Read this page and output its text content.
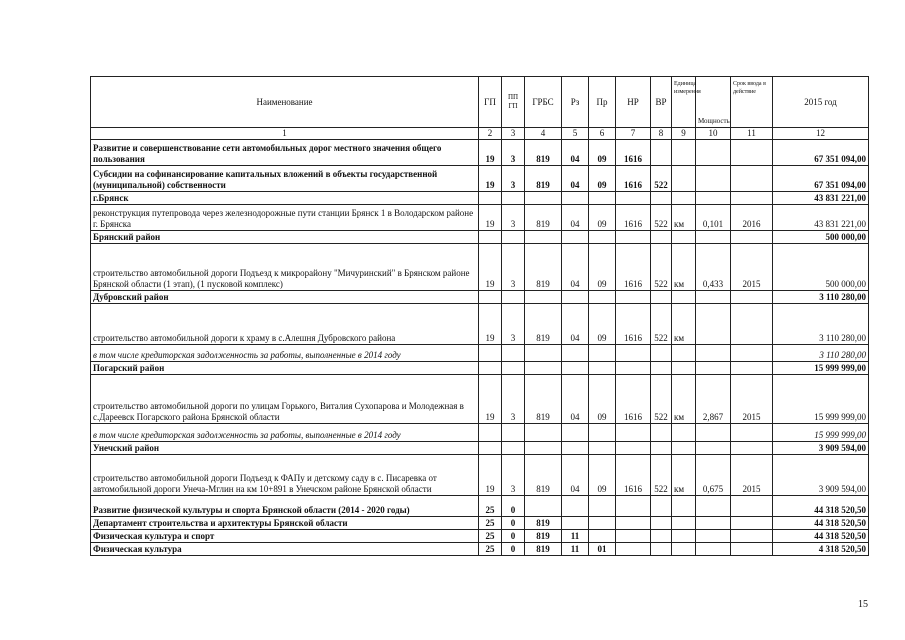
Наименование	ГП	ПП ГП	ГРБС	Рз	Пр	НР	ВР	Единица измерения	Мощность	Срок ввода в действие	2015 год
1	2	3	4	5	6	7	8	9	10	11	12
Развитие и совершенствование сети автомобильных дорог местного значения общего пользования	19	3	819	04	09	1616					67 351 094,00
Субсидии на софинансирование капитальных вложений в объекты государственной (муниципальной) собственности	19	3	819	04	09	1616	522				67 351 094,00
г.Брянск											43 831 221,00
реконструкция путепровода через железнодорожные пути станции Брянск 1 в Володарском районе г. Брянска	19	3	819	04	09	1616	522	км	0,101	2016	43 831 221,00
Брянский район											500 000,00
строительство автомобильной дороги Подъезд к микрорайону "Мичуринский" в Брянском районе Брянской области (1 этап), (1 пусковой комплекс)	19	3	819	04	09	1616	522	км	0,433	2015	500 000,00
Дубровский район											3 110 280,00
строительство автомобильной дороги к храму в с.Алешня Дубровского района	19	3	819	04	09	1616	522	км			3 110 280,00
в том числе кредиторская задолженность за работы, выполненные в 2014 году											3 110 280,00
Погарский район											15 999 999,00
строительство автомобильной дороги по улицам Горького, Виталия Сухопарова и Молодежная в с.Дареевск Погарского района Брянской области	19	3	819	04	09	1616	522	км	2,867	2015	15 999 999,00
в том числе кредиторская задолженность за работы, выполненные в 2014 году											15 999 999,00
Унечский район											3 909 594,00
строительство автомобильной дороги Подъезд к ФАПу и детскому саду в с. Писаревка от автомобильной дороги Унеча-Мглин на км 10+891 в Унечском районе Брянской области	19	3	819	04	09	1616	522	км	0,675	2015	3 909 594,00
Развитие физической культуры и спорта Брянской области (2014 - 2020 годы)	25	0									44 318 520,50
Департамент строительства и архитектуры Брянской области	25	0	819								44 318 520,50
Физическая культура и спорт	25	0	819	11							44 318 520,50
Физическая культура	25	0	819	11	01						4 318 520,50
15
